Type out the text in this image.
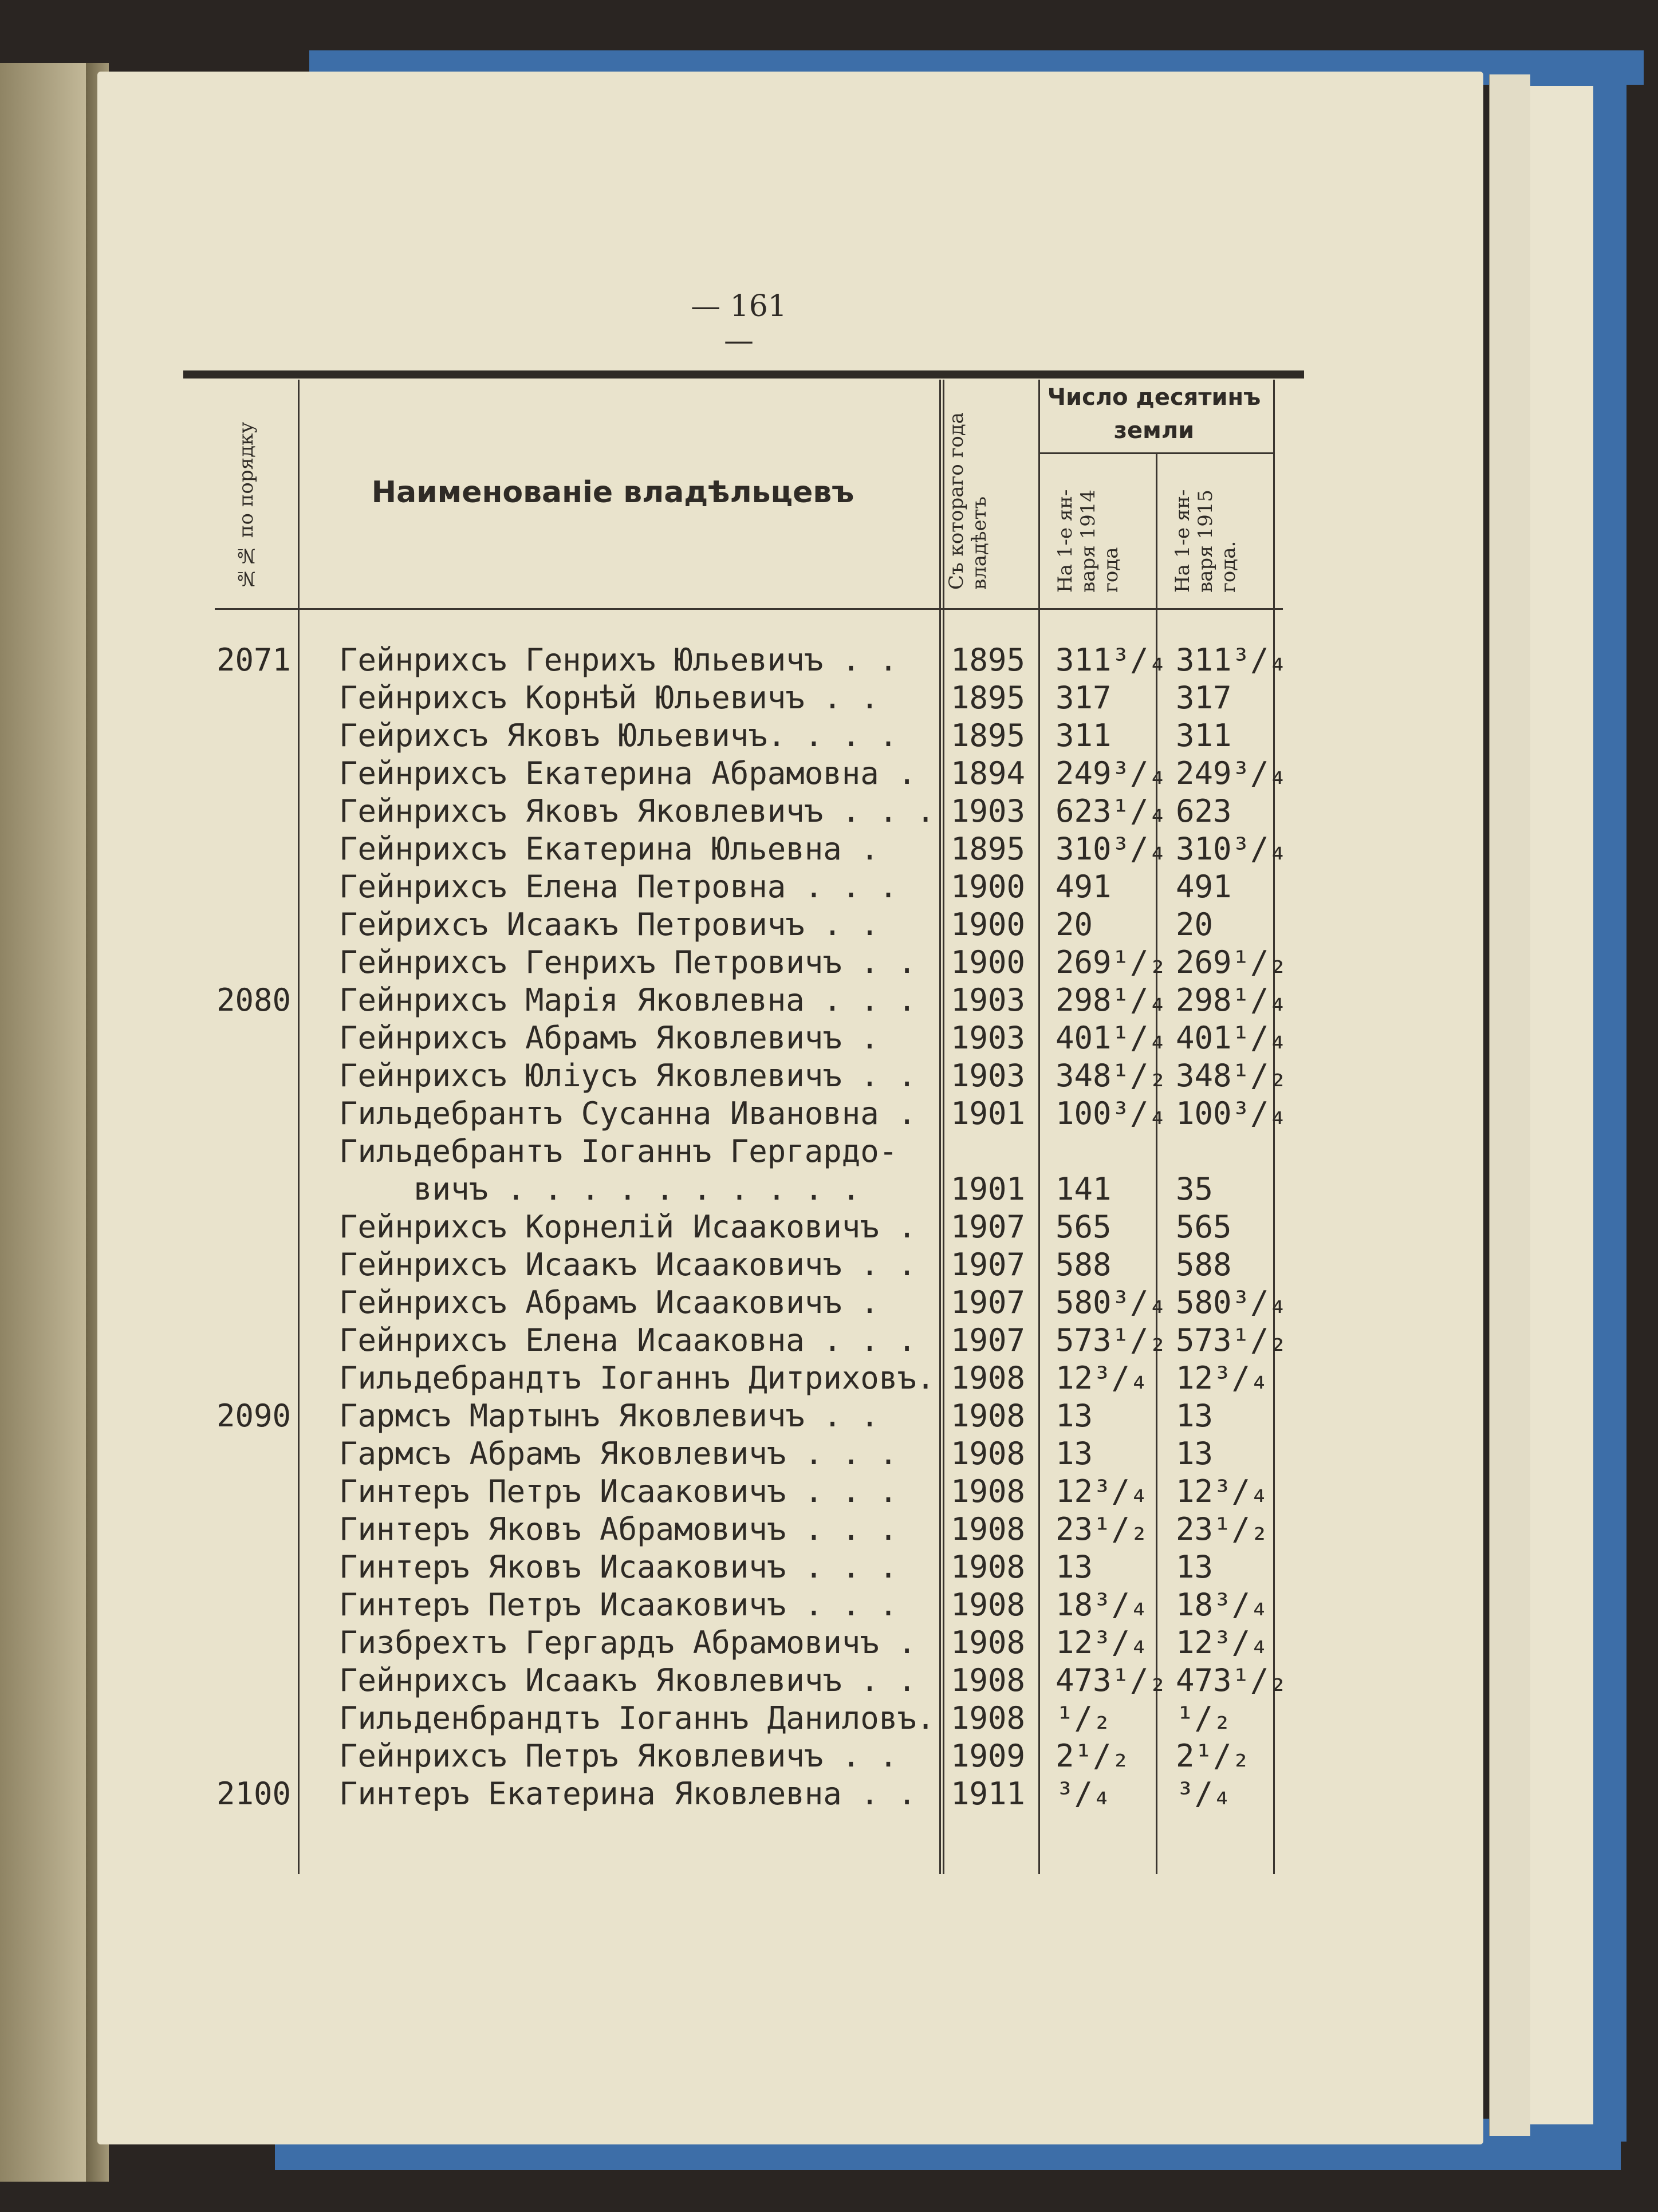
— 161 —
№№ по порядку	Наименованіе владѣльцевъ	Съ котораго года владѣетъ
Число десятинъ земли
На 1-е ян-варя 1914 года	На 1-е ян-варя 1915 года.
2071 Гейнрихсъ Генрихъ Юльевичъ . .	1895 311³/₄ 311³/₄
Гейнрихсъ Корнѣй Юльевичъ . .	1895 317	317
Гейрихсъ Яковъ Юльевичъ. . . .	1895 311	311
Гейнрихсъ Екатерина Абрамовна .	1894 249³/₄ 249³/₄
Гейнрихсъ Яковъ Яковлевичъ . . . 1903 623¹/₄ 623
Гейнрихсъ Екатерина Юльевна .	1895 310³/₄ 310³/₄
Гейнрихсъ Елена Петровна . . .	1900 491	491
Гейрихсъ Исаакъ Петровичъ . .	1900 20	20
Гейнрихсъ Генрихъ Петровичъ . .	1900 269¹/₂ 269¹/₂
2080 Гейнрихсъ Марія Яковлевна . . .	1903 298¹/₄ 298¹/₄
Гейнрихсъ Абрамъ Яковлевичъ .	1903 401¹/₄ 401¹/₄
Гейнрихсъ Юліусъ Яковлевичъ . .	1903 348¹/₂ 348¹/₂
Гильдебрантъ Сусанна Ивановна .	1901 100³/₄ 100³/₄
Гильдебрантъ Іоганнъ Гергардо-
вичъ . . . . . . . . . .	1901 141	35
Гейнрихсъ Корнелій Исааковичъ .	1907 565	565
Гейнрихсъ Исаакъ Исааковичъ . .	1907 588	588
Гейнрихсъ Абрамъ Исааковичъ .	1907 580³/₄ 580³/₄
Гейнрихсъ Елена Исааковна . . .	1907 573¹/₂ 573¹/₂
Гильдебрандтъ Іоганнъ Дитриховъ. 1908 12³/₄ 12³/₄
2090 Гармсъ Мартынъ Яковлевичъ . .	1908 13	13
Гармсъ Абрамъ Яковлевичъ . . .	1908 13	13
Гинтеръ Петръ Исааковичъ . . .	1908 12³/₄ 12³/₄
Гинтеръ Яковъ Абрамовичъ . . .	1908 23¹/₂ 23¹/₂
Гинтеръ Яковъ Исааковичъ . . .	1908 13	13
Гинтеръ Петръ Исааковичъ . . .	1908 18³/₄ 18³/₄
Гизбрехтъ Гергардъ Абрамовичъ .	1908 12³/₄ 12³/₄
Гейнрихсъ Исаакъ Яковлевичъ . .	1908 473¹/₂ 473¹/₂
Гильденбрандтъ Іоганнъ Даниловъ. 1908 ¹/₂	¹/₂
Гейнрихсъ Петръ Яковлевичъ . .	1909 2¹/₂	2¹/₂
2100 Гинтеръ Екатерина Яковлевна . .	1911 ³/₄	³/₄
